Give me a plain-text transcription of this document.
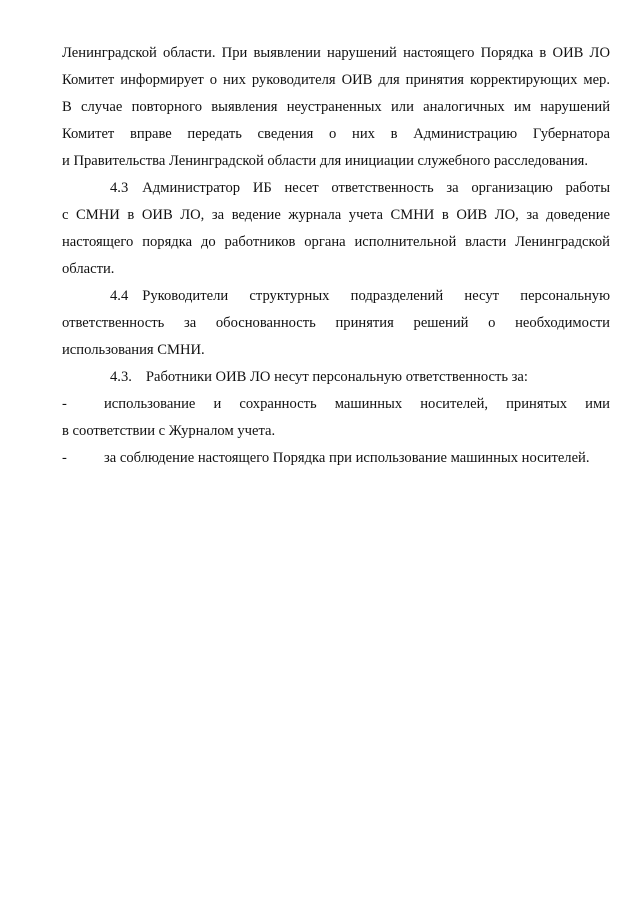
Ленинградской области. При выявлении нарушений настоящего Порядка в ОИВ ЛО
Комитет информирует о них руководителя ОИВ для принятия корректирующих мер.
В случае повторного выявления неустраненных или аналогичных им нарушений
Комитет вправе передать сведения о них в Администрацию Губернатора
и Правительства Ленинградской области для инициации служебного расследования.
4.3 Администратор ИБ несет ответственность за организацию работы
с СМНИ в ОИВ ЛО, за ведение журнала учета СМНИ в ОИВ ЛО, за доведение
настоящего порядка до работников органа исполнительной власти Ленинградской
области.
4.4 Руководители структурных подразделений несут персональную
ответственность за обоснованность принятия решений о необходимости
использования СМНИ.
4.3. Работники ОИВ ЛО несут персональную ответственность за:
-	использование и сохранность машинных носителей, принятых ими
в соответствии с Журналом учета.
-	за соблюдение настоящего Порядка при использование машинных носителей.
